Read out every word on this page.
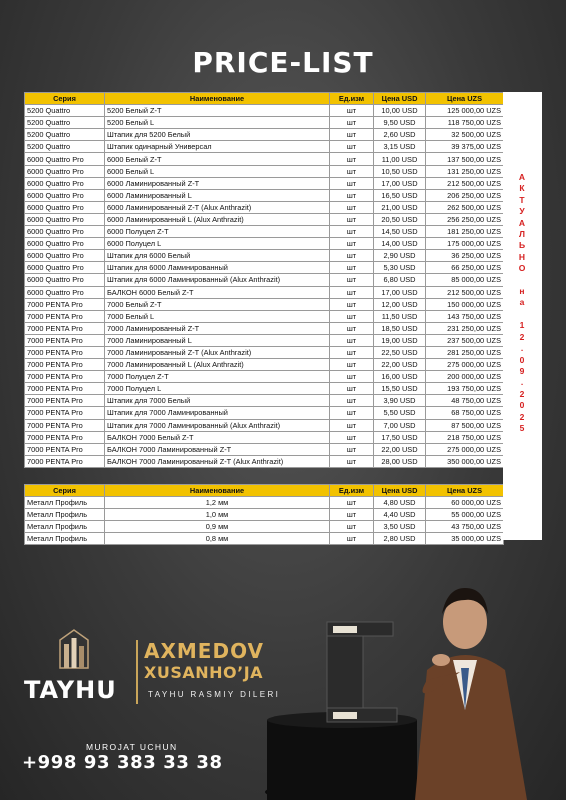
PRICE-LIST
Серия	Наименование	Ед.изм	Цена USD	Цена UZS
5200 Quattro	5200 Белый Z-T	шт	10,00 USD	125 000,00 UZS
5200 Quattro	5200 Белый L	шт	9,50 USD	118 750,00 UZS
5200 Quattro	Штапик для 5200 Белый	шт	2,60 USD	32 500,00 UZS
5200 Quattro	Штапик одинарный Универсал	шт	3,15 USD	39 375,00 UZS
6000 Quattro Pro	6000 Белый Z-T	шт	11,00 USD	137 500,00 UZS
6000 Quattro Pro	6000 Белый L	шт	10,50 USD	131 250,00 UZS
6000 Quattro Pro	6000 Ламинированный Z-T	шт	17,00 USD	212 500,00 UZS
6000 Quattro Pro	6000 Ламинированный L	шт	16,50 USD	206 250,00 UZS
6000 Quattro Pro	6000 Ламинированный Z-T (Alux Anthrazit)	шт	21,00 USD	262 500,00 UZS
6000 Quattro Pro	6000 Ламинированный L (Alux Anthrazit)	шт	20,50 USD	256 250,00 UZS
6000 Quattro Pro	6000 Полуцел Z-T	шт	14,50 USD	181 250,00 UZS
6000 Quattro Pro	6000 Полуцел L	шт	14,00 USD	175 000,00 UZS
6000 Quattro Pro	Штапик для 6000 Белый	шт	2,90 USD	36 250,00 UZS
6000 Quattro Pro	Штапик для 6000 Ламинированный	шт	5,30 USD	66 250,00 UZS
6000 Quattro Pro	Штапик для 6000 Ламинированный (Alux Anthrazit)	шт	6,80 USD	85 000,00 UZS
6000 Quattro Pro	БАЛКОН 6000 Белый Z-T	шт	17,00 USD	212 500,00 UZS
7000 PENTA Pro	7000 Белый Z-T	шт	12,00 USD	150 000,00 UZS
7000 PENTA Pro	7000 Белый L	шт	11,50 USD	143 750,00 UZS
7000 PENTA Pro	7000 Ламинированный Z-T	шт	18,50 USD	231 250,00 UZS
7000 PENTA Pro	7000 Ламинированный L	шт	19,00 USD	237 500,00 UZS
7000 PENTA Pro	7000 Ламинированный Z-T (Alux Anthrazit)	шт	22,50 USD	281 250,00 UZS
7000 PENTA Pro	7000 Ламинированный L (Alux Anthrazit)	шт	22,00 USD	275 000,00 UZS
7000 PENTA Pro	7000 Полуцел Z-T	шт	16,00 USD	200 000,00 UZS
7000 PENTA Pro	7000 Полуцел L	шт	15,50 USD	193 750,00 UZS
7000 PENTA Pro	Штапик для 7000 Белый	шт	3,90 USD	48 750,00 UZS
7000 PENTA Pro	Штапик для 7000 Ламинированный	шт	5,50 USD	68 750,00 UZS
7000 PENTA Pro	Штапик для 7000 Ламинированный (Alux Anthrazit)	шт	7,00 USD	87 500,00 UZS
7000 PENTA Pro	БАЛКОН 7000 Белый Z-T	шт	17,50 USD	218 750,00 UZS
7000 PENTA Pro	БАЛКОН 7000 Ламинированный Z-T	шт	22,00 USD	275 000,00 UZS
7000 PENTA Pro	БАЛКОН 7000 Ламинированный Z-T (Alux Anthrazit)	шт	28,00 USD	350 000,00 UZS
Серия	Наименование	Ед.изм	Цена USD	Цена UZS
Металл Профиль	1,2 мм	шт	4,80 USD	60 000,00 UZS
Металл Профиль	1,0 мм	шт	4,40 USD	55 000,00 UZS
Металл Профиль	0,9 мм	шт	3,50 USD	43 750,00 UZS
Металл Профиль	0,8 мм	шт	2,80 USD	35 000,00 UZS
А
К
Т
У
А
Л
Ь
Н
О

н
а

1
2
.
0
9
.
2
0
2
5
TAYHU
AXMEDOV
XUSANHO’JA
TAYHU RASMIY DILERI
MUROJAT UCHUN
+998 93 383 33 38
